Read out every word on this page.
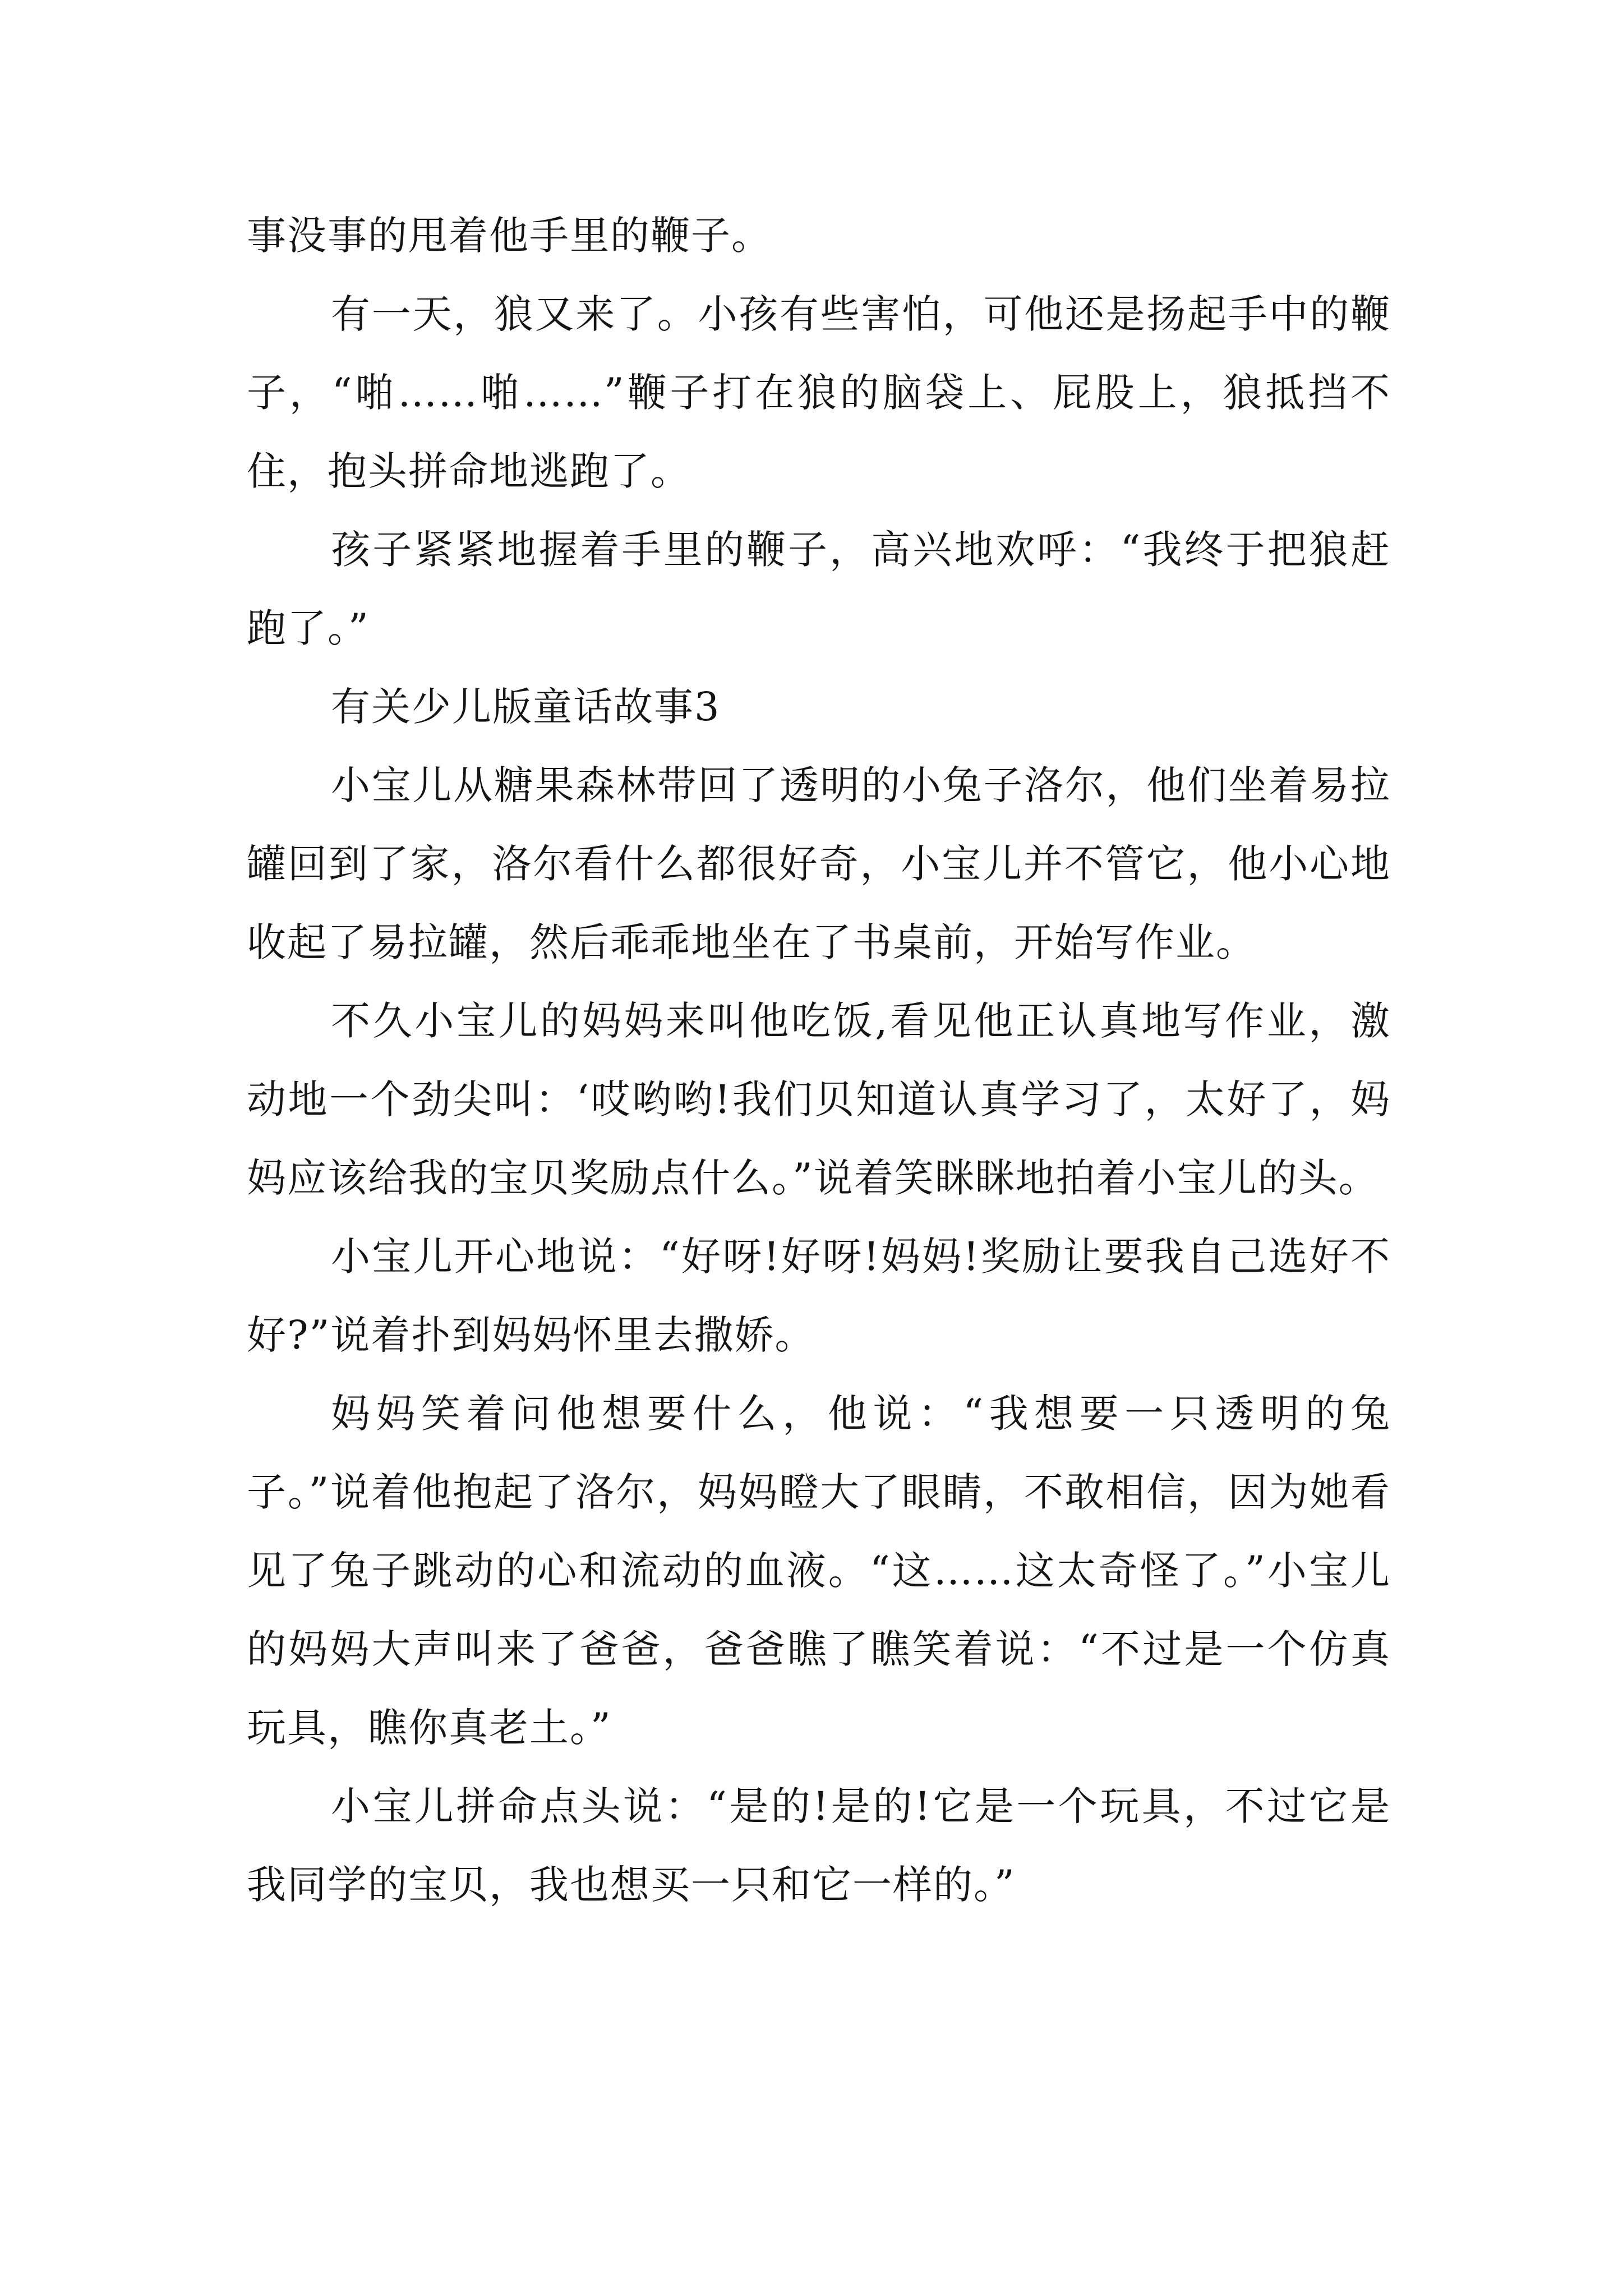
事没事的甩着他手里的鞭子。

有一天，狼又来了。小孩有些害怕，可他还是扬起手中的鞭子，“啪……啪……”鞭子打在狼的脑袋上、屁股上，狼抵挡不住，抱头拼命地逃跑了。

孩子紧紧地握着手里的鞭子，高兴地欢呼：“我终于把狼赶跑了。”

有关少儿版童话故事3

小宝儿从糖果森林带回了透明的小兔子洛尔，他们坐着易拉罐回到了家，洛尔看什么都很好奇，小宝儿并不管它，他小心地收起了易拉罐，然后乖乖地坐在了书桌前，开始写作业。

不久小宝儿的妈妈来叫他吃饭,看见他正认真地写作业，激动地一个劲尖叫：‘哎哟哟!我们贝知道认真学习了，太好了，妈妈应该给我的宝贝奖励点什么。”说着笑眯眯地拍着小宝儿的头。

小宝儿开心地说：“好呀!好呀!妈妈!奖励让要我自己选好不好?”说着扑到妈妈怀里去撒娇。

妈妈笑着问他想要什么，他说：“我想要一只透明的兔子。”说着他抱起了洛尔，妈妈瞪大了眼睛，不敢相信，因为她看见了兔子跳动的心和流动的血液。“这……这太奇怪了。”小宝儿的妈妈大声叫来了爸爸，爸爸瞧了瞧笑着说：“不过是一个仿真玩具，瞧你真老土。”

小宝儿拼命点头说：“是的!是的!它是一个玩具，不过它是我同学的宝贝，我也想买一只和它一样的。”
